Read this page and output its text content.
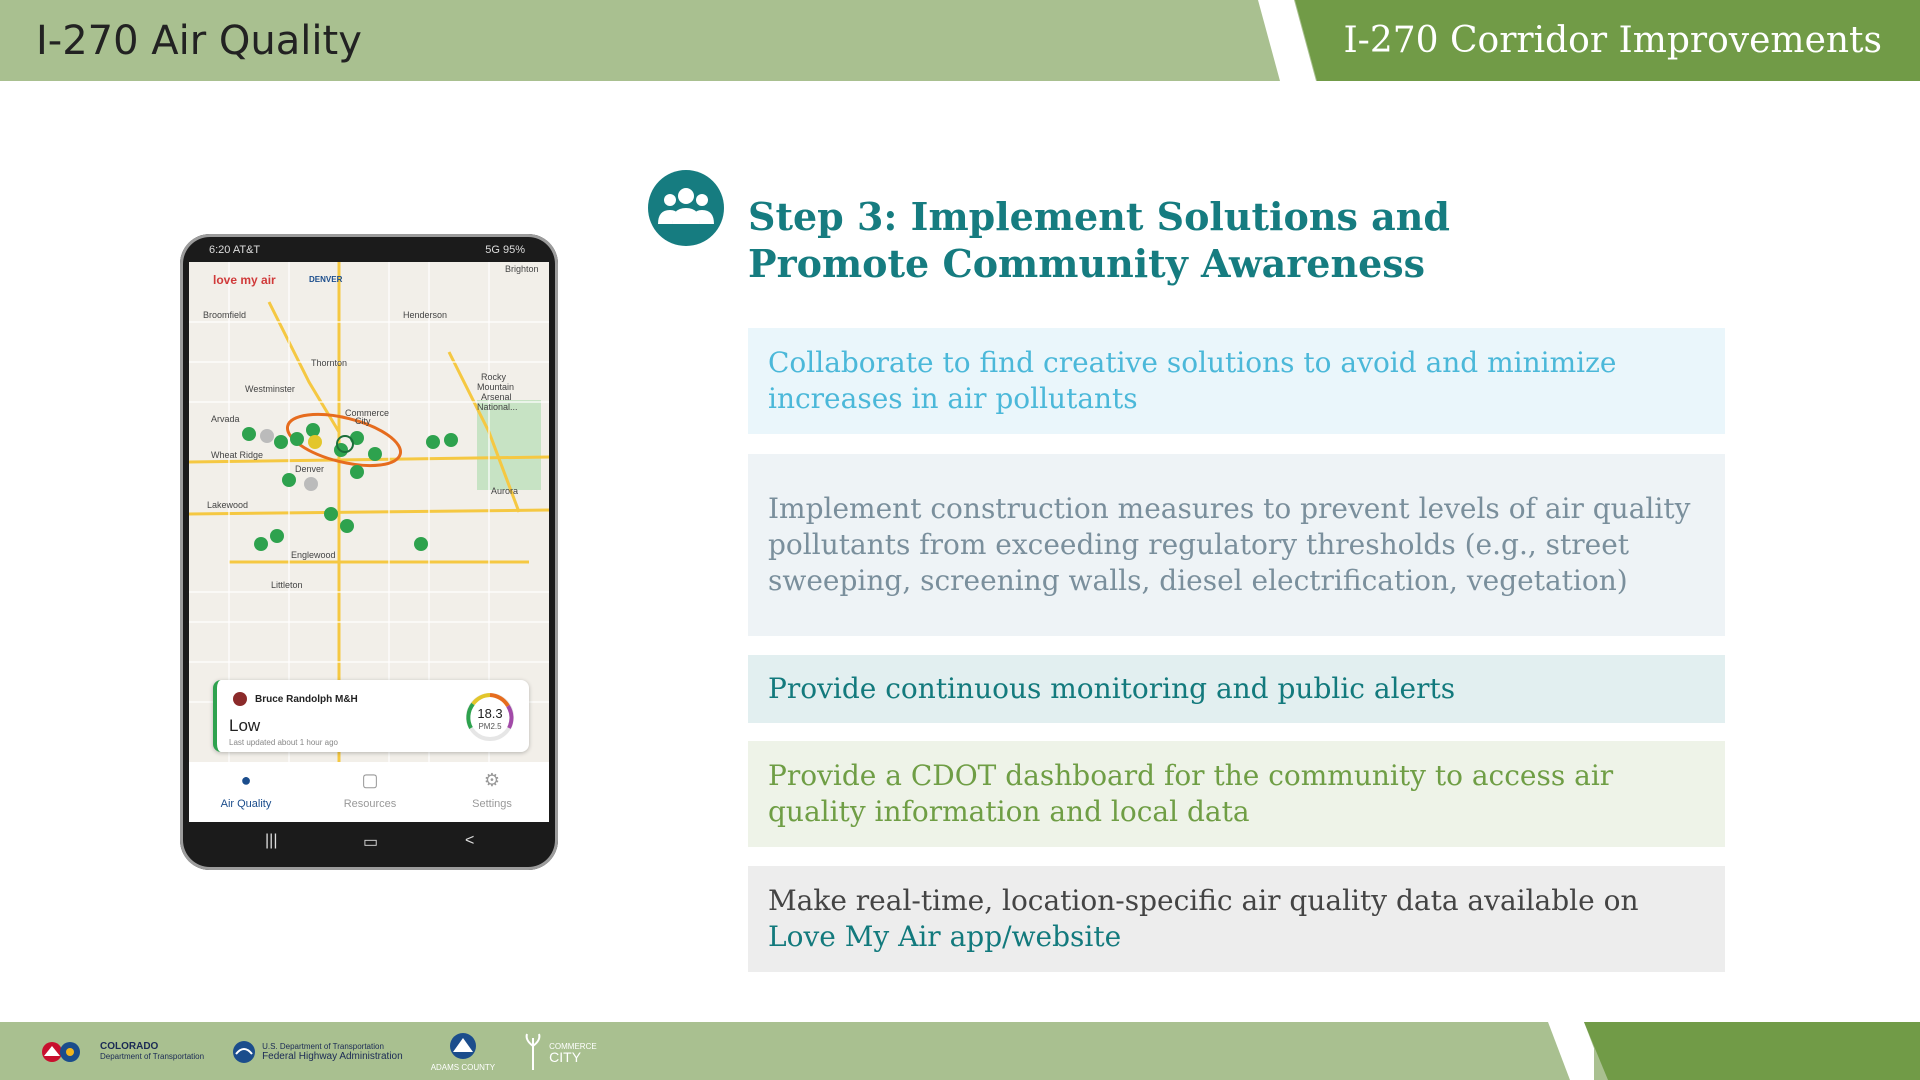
I-270 Air Quality	I-270 Corridor Improvements
6:20 AT&T	5G 95%
Broomfield	Henderson
Thornton
Westminster
Rocky
Mountain
Arsenal
National...
Arvada
Commerce
City
Wheat Ridge
Denver
Aurora
Lakewood
Englewood
Littleton
Brighton
love my air	DENVER
Bruce Randolph M&H
Low
Last updated about 1 hour ago
18.3
PM2.5
●
Air Quality
▢
Resources
⚙
Settings
|||	▭	<
Step 3: Implement Solutions and Promote Community Awareness
Collaborate to find creative solutions to avoid and minimize increases in air pollutants
Implement construction measures to prevent levels of air quality pollutants from exceeding regulatory thresholds (e.g., street sweeping, screening walls, diesel electrification, vegetation)
Provide continuous monitoring and public alerts
Provide a CDOT dashboard for the community to access air quality information and local data
Make real-time, location-specific air quality data available on
Love My Air app/website
COLORADO
Department of Transportation
U.S. Department of Transportation
Federal Highway Administration
ADAMS COUNTY
COMMERCE
CITY
